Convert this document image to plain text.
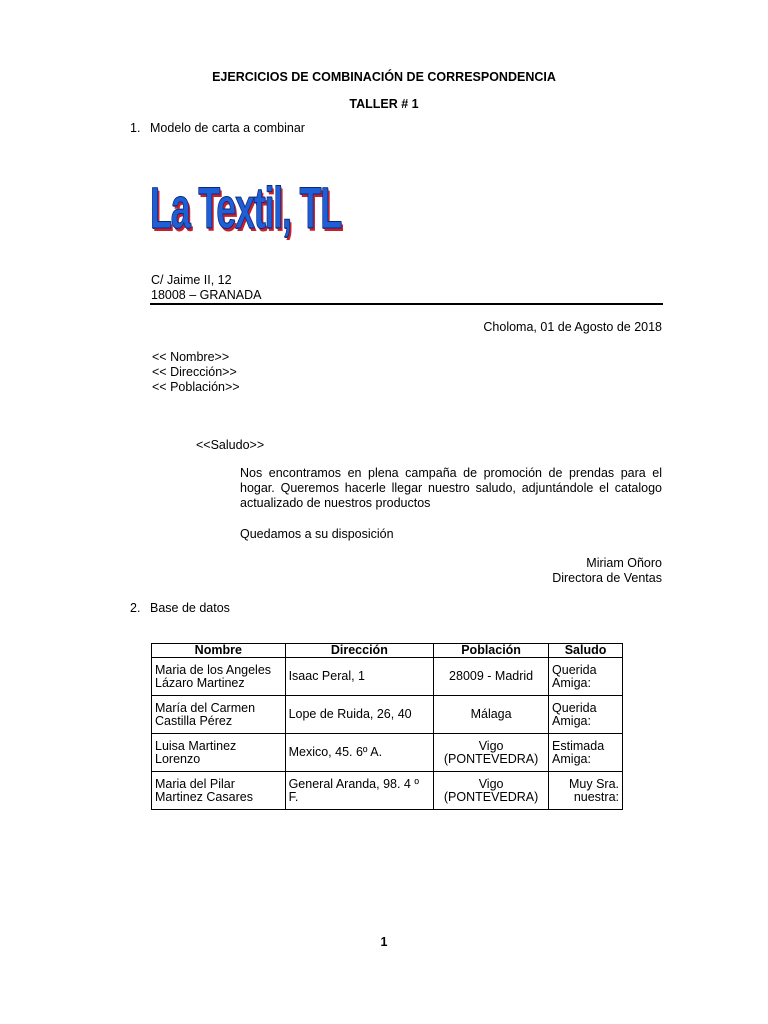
EJERCICIOS DE COMBINACIÓN DE CORRESPONDENCIA
TALLER # 1
1. Modelo de carta a combinar
La Textil, TL
C/ Jaime II, 12
18008 – GRANADA
Choloma, 01 de Agosto de 2018
<< Nombre>>
<< Dirección>>
<< Población>>
<<Saludo>>
Nos encontramos en plena campaña de promoción de prendas para el hogar. Queremos hacerle llegar nuestro saludo, adjuntándole el catalogo actualizado de nuestros productos
Quedamos a su disposición
Miriam Oñoro
Directora de Ventas
2. Base de datos
Nombre	Dirección	Población	Saludo
Maria de los Angeles Lázaro Martinez	Isaac Peral, 1	28009 - Madrid	Querida Amiga:
María del Carmen Castilla Pérez	Lope de Ruida, 26, 40	Málaga	Querida Amiga:
Luisa Martinez Lorenzo	Mexico, 45. 6º A.	Vigo (PONTEVEDRA)	Estimada Amiga:
Maria del Pilar Martinez Casares	General Aranda, 98. 4 º F.	Vigo (PONTEVEDRA)	Muy Sra. nuestra:
1
